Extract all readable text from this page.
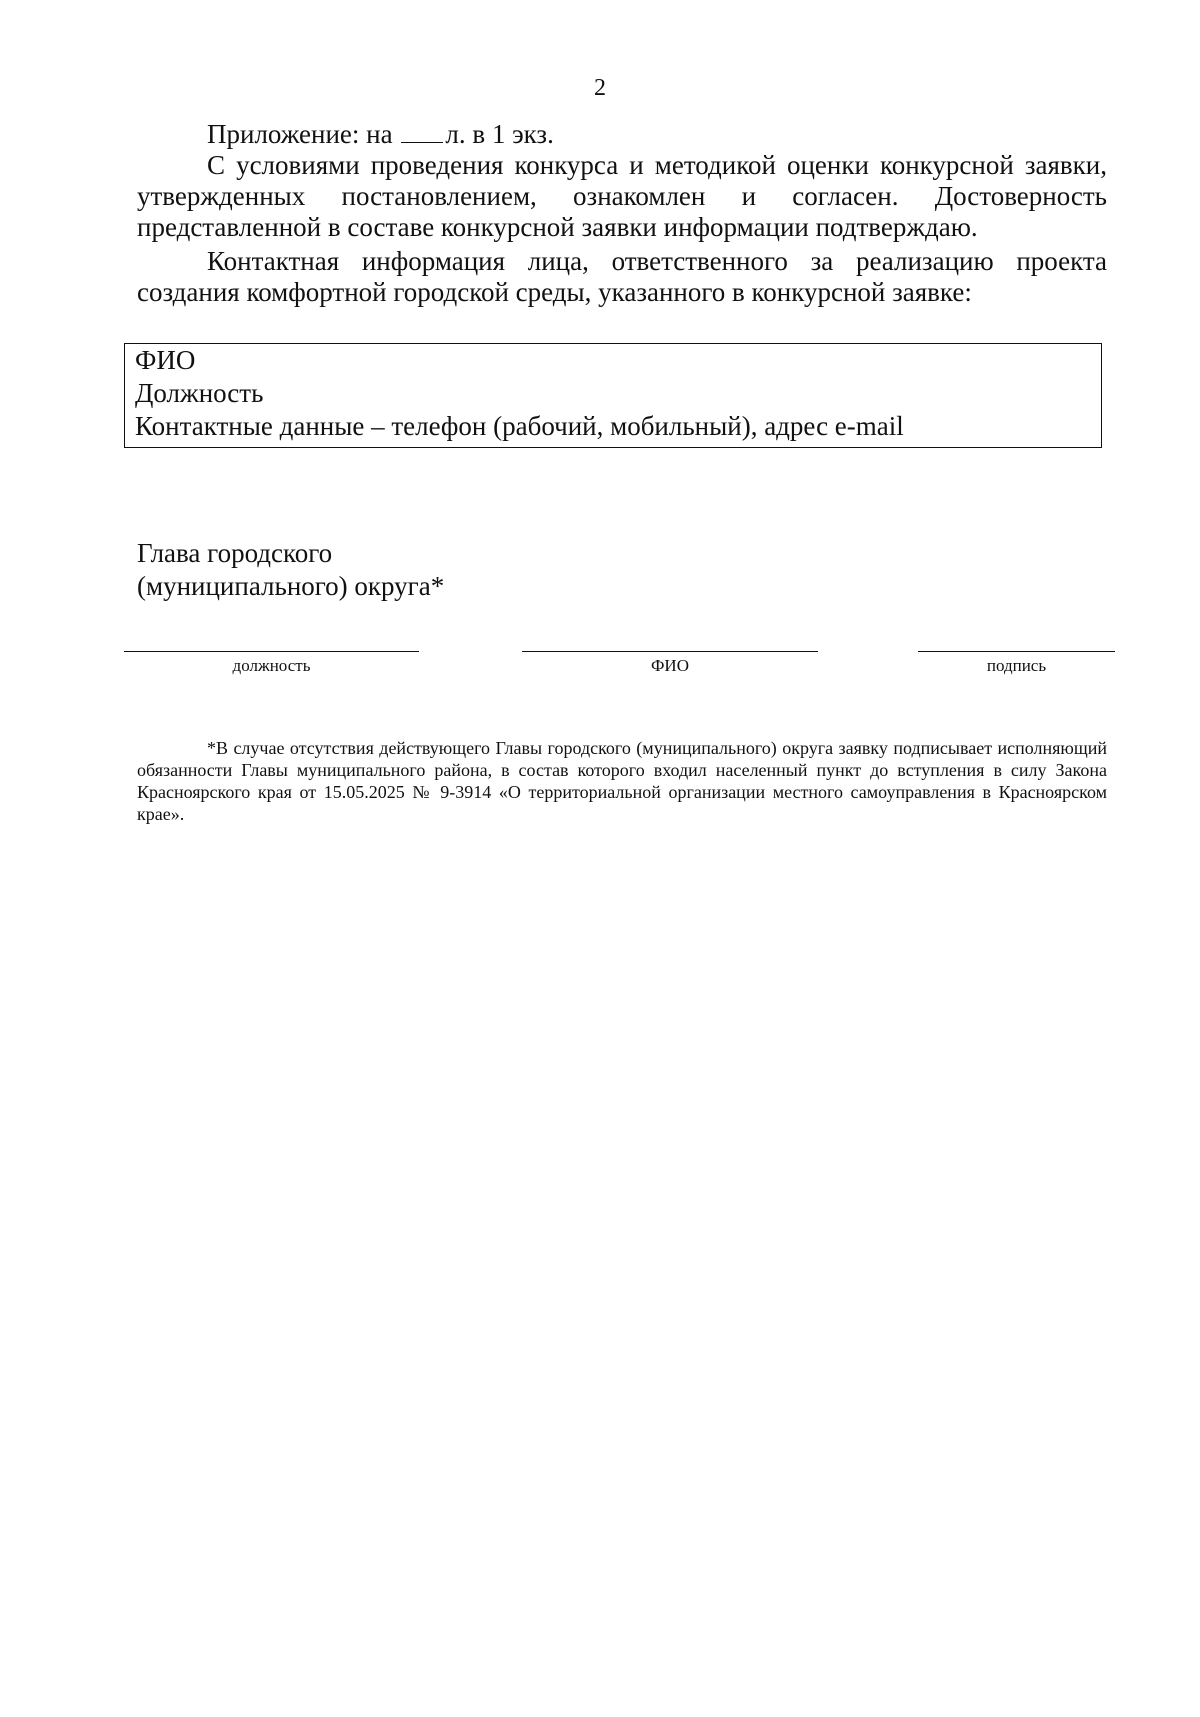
2
Приложение: на л. в 1 экз.
С условиями проведения конкурса и методикой оценки конкурсной заявки, утвержденных постановлением, ознакомлен и согласен. Достоверность представленной в составе конкурсной заявки информации подтверждаю.
Контактная информация лица, ответственного за реализацию проекта создания комфортной городской среды, указанного в конкурсной заявке:
ФИО
Должность
Контактные данные – телефон (рабочий, мобильный), адрес e-mail
Глава городского
(муниципального) округа*
должность	ФИО	подпись
*В случае отсутствия действующего Главы городского (муниципального) округа заявку подписывает исполняющий обязанности Главы муниципального района, в состав которого входил населенный пункт до вступления в силу Закона Красноярского края от 15.05.2025 № 9-3914 «О территориальной организации местного самоуправления в Красноярском крае».
